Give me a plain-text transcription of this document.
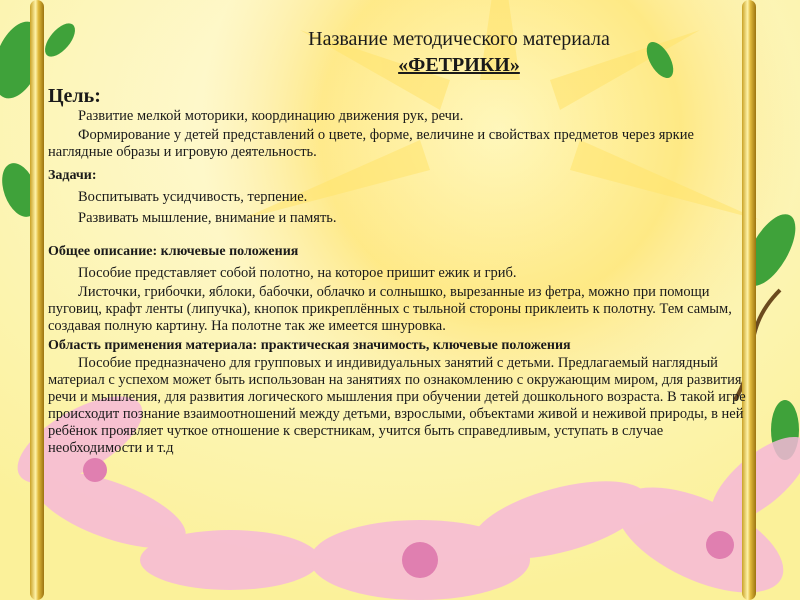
Название методического материала
«ФЕТРИКИ»
Цель:
Развитие мелкой моторики, координацию движения рук, речи.
Формирование у детей представлений о цвете, форме, величине и свойствах предметов через яркие наглядные образы и игровую деятельность.
Задачи:
Воспитывать усидчивость, терпение.
Развивать мышление, внимание и память.
Общее описание: ключевые положения
Пособие представляет собой полотно, на которое пришит ежик и гриб.
Листочки, грибочки, яблоки, бабочки, облачко и солнышко, вырезанные из фетра, можно при помощи пуговиц, крафт ленты (липучка), кнопок прикреплённых с тыльной стороны приклеить к полотну. Тем самым, создавая полную картину. На полотне так же имеется шнуровка.
Область применения материала: практическая значимость, ключевые положения
Пособие предназначено для групповых и индивидуальных занятий с детьми. Предлагаемый наглядный материал с успехом может быть использован на занятиях по ознакомлению с окружающим миром, для развития речи и мышления, для развития логического мышления при обучении детей дошкольного возраста. В такой игре происходит познание взаимоотношений между детьми, взрослыми, объектами живой и неживой природы, в ней ребёнок проявляет чуткое отношение к сверстникам, учится быть справедливым, уступать в случае необходимости и т.д
